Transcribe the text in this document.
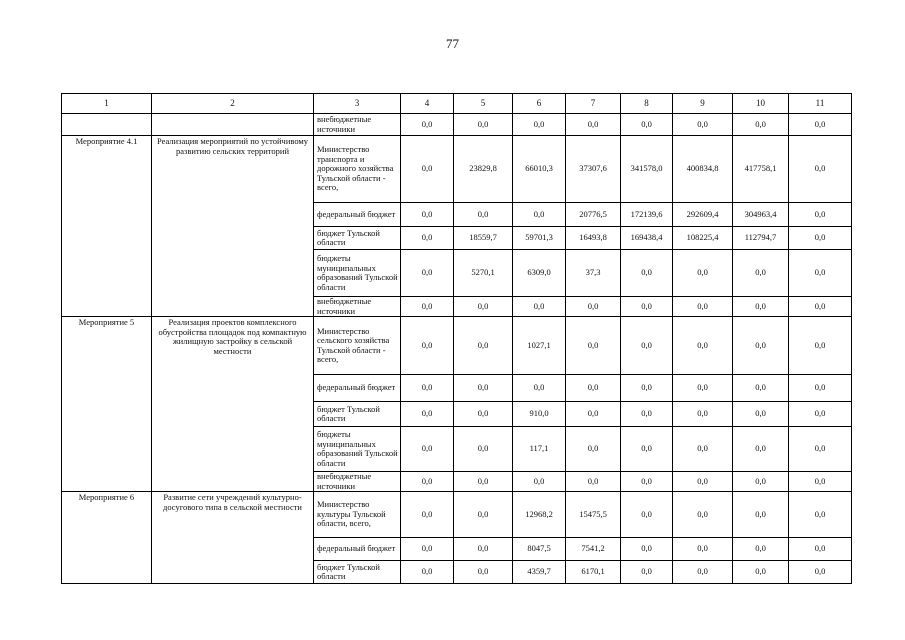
77
1	2	3	4	5	6	7	8	9	10	11
		внебюджетные источники	0,0	0,0	0,0	0,0	0,0	0,0	0,0	0,0
Мероприятие 4.1	Реализация мероприятий по устойчивому развитию сельских территорий	Министерство транспорта и дорожного хозяйства Тульской области - всего,	0,0	23829,8	66010,3	37307,6	341578,0	400834,8	417758,1	0,0
		федеральный бюджет	0,0	0,0	0,0	20776,5	172139,6	292609,4	304963,4	0,0
		бюджет Тульской области	0,0	18559,7	59701,3	16493,8	169438,4	108225,4	112794,7	0,0
		бюджеты муниципальных образований Тульской области	0,0	5270,1	6309,0	37,3	0,0	0,0	0,0	0,0
		внебюджетные источники	0,0	0,0	0,0	0,0	0,0	0,0	0,0	0,0
Мероприятие 5	Реализация проектов комплексного обустройства площадок под компактную жилищную застройку в сельской местности	Министерство сельского хозяйства Тульской области - всего,	0,0	0,0	1027,1	0,0	0,0	0,0	0,0	0,0
		федеральный бюджет	0,0	0,0	0,0	0,0	0,0	0,0	0,0	0,0
		бюджет Тульской области	0,0	0,0	910,0	0,0	0,0	0,0	0,0	0,0
		бюджеты муниципальных образований Тульской области	0,0	0,0	117,1	0,0	0,0	0,0	0,0	0,0
		внебюджетные источники	0,0	0,0	0,0	0,0	0,0	0,0	0,0	0,0
Мероприятие 6	Развитие сети учреждений культурно-досугового типа в сельской местности	Министерство культуры Тульской области, всего,	0,0	0,0	12968,2	15475,5	0,0	0,0	0,0	0,0
		федеральный бюджет	0,0	0,0	8047,5	7541,2	0,0	0,0	0,0	0,0
		бюджет Тульской области	0,0	0,0	4359,7	6170,1	0,0	0,0	0,0	0,0
